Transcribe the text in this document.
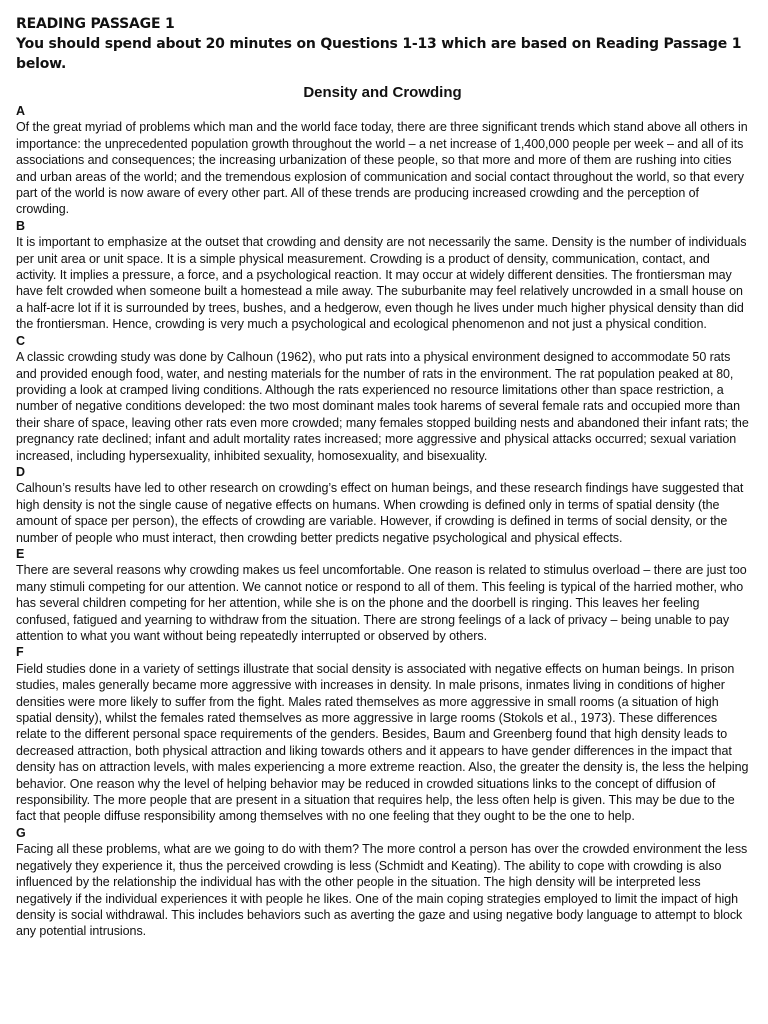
READING PASSAGE 1

You should spend about 20 minutes on Questions 1-13 which are based on Reading Passage 1 below.

Density and Crowding

A

Of the great myriad of problems which man and the world face today, there are three significant trends which stand above all others in importance: the unprecedented population growth throughout the world – a net increase of 1,400,000 people per week – and all of its associations and consequences; the increasing urbanization of these people, so that more and more of them are rushing into cities and urban areas of the world; and the tremendous explosion of communication and social contact throughout the world, so that every part of the world is now aware of every other part. All of these trends are producing increased crowding and the perception of crowding.

B

It is important to emphasize at the outset that crowding and density are not necessarily the same. Density is the number of individuals per unit area or unit space. It is a simple physical measurement. Crowding is a product of density, communication, contact, and activity. It implies a pressure, a force, and a psychological reaction. It may occur at widely different densities. The frontiersman may have felt crowded when someone built a homestead a mile away. The suburbanite may feel relatively uncrowded in a small house on a half-acre lot if it is surrounded by trees, bushes, and a hedgerow, even though he lives under much higher physical density than did the frontiersman. Hence, crowding is very much a psychological and ecological phenomenon and not just a physical condition.

C

A classic crowding study was done by Calhoun (1962), who put rats into a physical environment designed to accommodate 50 rats and provided enough food, water, and nesting materials for the number of rats in the environment. The rat population peaked at 80, providing a look at cramped living conditions. Although the rats experienced no resource limitations other than space restriction, a number of negative conditions developed: the two most dominant males took harems of several female rats and occupied more than their share of space, leaving other rats even more crowded; many females stopped building nests and abandoned their infant rats; the pregnancy rate declined; infant and adult mortality rates increased; more aggressive and physical attacks occurred; sexual variation increased, including hypersexuality, inhibited sexuality, homosexuality, and bisexuality.

D

Calhoun’s results have led to other research on crowding’s effect on human beings, and these research findings have suggested that high density is not the single cause of negative effects on humans. When crowding is defined only in terms of spatial density (the amount of space per person), the effects of crowding are variable. However, if crowding is defined in terms of social density, or the number of people who must interact, then crowding better predicts negative psychological and physical effects.

E

There are several reasons why crowding makes us feel uncomfortable. One reason is related to stimulus overload – there are just too many stimuli competing for our attention. We cannot notice or respond to all of them. This feeling is typical of the harried mother, who has several children competing for her attention, while she is on the phone and the doorbell is ringing. This leaves her feeling confused, fatigued and yearning to withdraw from the situation. There are strong feelings of a lack of privacy – being unable to pay attention to what you want without being repeatedly interrupted or observed by others.

F

Field studies done in a variety of settings illustrate that social density is associated with negative effects on human beings. In prison studies, males generally became more aggressive with increases in density. In male prisons, inmates living in conditions of higher densities were more likely to suffer from the fight. Males rated themselves as more aggressive in small rooms (a situation of high spatial density), whilst the females rated themselves as more aggressive in large rooms (Stokols et al., 1973). These differences relate to the different personal space requirements of the genders. Besides, Baum and Greenberg found that high density leads to decreased attraction, both physical attraction and liking towards others and it appears to have gender differences in the impact that density has on attraction levels, with males experiencing a more extreme reaction. Also, the greater the density is, the less the helping behavior. One reason why the level of helping behavior may be reduced in crowded situations links to the concept of diffusion of responsibility. The more people that are present in a situation that requires help, the less often help is given. This may be due to the fact that people diffuse responsibility among themselves with no one feeling that they ought to be the one to help.

G

Facing all these problems, what are we going to do with them? The more control a person has over the crowded environment the less negatively they experience it, thus the perceived crowding is less (Schmidt and Keating). The ability to cope with crowding is also influenced by the relationship the individual has with the other people in the situation. The high density will be interpreted less negatively if the individual experiences it with people he likes. One of the main coping strategies employed to limit the impact of high density is social withdrawal. This includes behaviors such as averting the gaze and using negative body language to attempt to block any potential intrusions.
